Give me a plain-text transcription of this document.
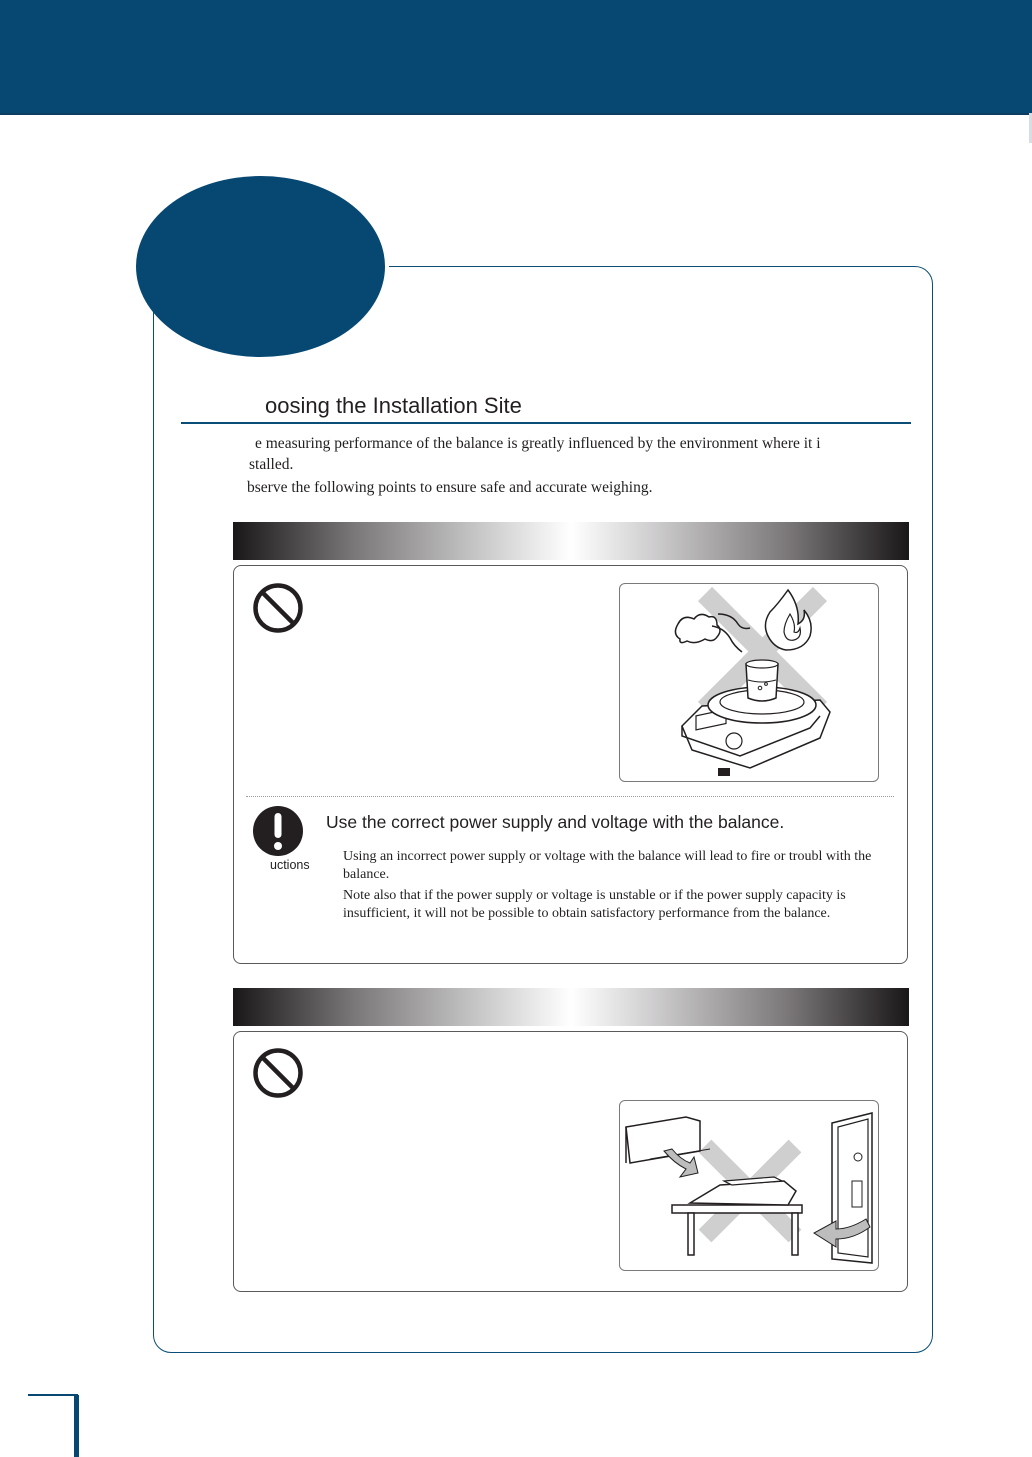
oosing the Installation Site
e measuring performance of the balance is greatly influenced by the environment where it i
stalled.
bserve the following points to ensure safe and accurate weighing.
uctions
Use the correct power supply and voltage with the balance.
Using an incorrect power supply or voltage with the balance will lead to fire or troubl with the balance.
Note also that if the power supply or voltage is unstable or if the power supply capacity is insufficient, it will not be possible to obtain satisfactory performance from the balance.
